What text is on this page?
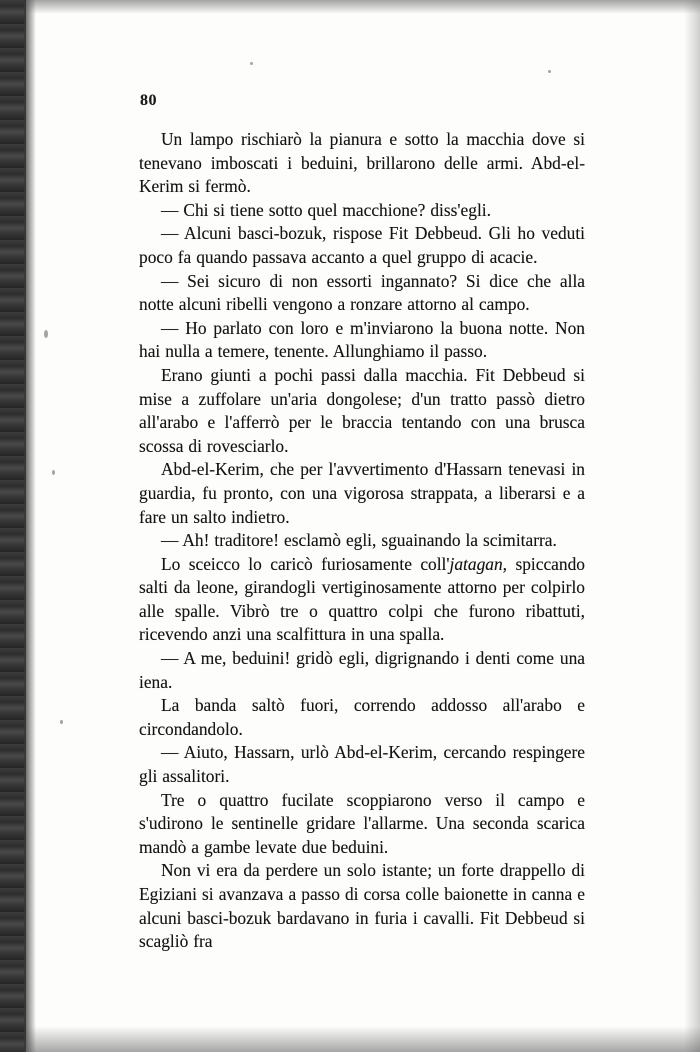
80

Un lampo rischiarò la pianura e sotto la macchia dove si tenevano imboscati i beduini, brillarono delle armi. Abd-el-Kerim si fermò.

— Chi si tiene sotto quel macchione? diss'egli.

— Alcuni basci-bozuk, rispose Fit Debbeud. Gli ho veduti poco fa quando passava accanto a quel gruppo di acacie.

— Sei sicuro di non essorti ingannato? Si dice che alla notte alcuni ribelli vengono a ronzare attorno al campo.

— Ho parlato con loro e m'inviarono la buona notte. Non hai nulla a temere, tenente. Allunghiamo il passo.

Erano giunti a pochi passi dalla macchia. Fit Debbeud si mise a zuffolare un'aria dongolese; d'un tratto passò dietro all'arabo e l'afferrò per le braccia tentando con una brusca scossa di rovesciarlo.

Abd-el-Kerim, che per l'avvertimento d'Hassarn tenevasi in guardia, fu pronto, con una vigorosa strappata, a liberarsi e a fare un salto indietro.

— Ah! traditore! esclamò egli, sguainando la scimitarra.

Lo sceicco lo caricò furiosamente coll'jatagan, spiccando salti da leone, girandogli vertiginosamente attorno per colpirlo alle spalle. Vibrò tre o quattro colpi che furono ribattuti, ricevendo anzi una scalfittura in una spalla.

— A me, beduini! gridò egli, digrignando i denti come una iena.

La banda saltò fuori, correndo addosso all'arabo e circondandolo.

— Aiuto, Hassarn, urlò Abd-el-Kerim, cercando respingere gli assalitori.

Tre o quattro fucilate scoppiarono verso il campo e s'udirono le sentinelle gridare l'allarme. Una seconda scarica mandò a gambe levate due beduini.

Non vi era da perdere un solo istante; un forte drappello di Egiziani si avanzava a passo di corsa colle baionette in canna e alcuni basci-bozuk bardavano in furia i cavalli. Fit Debbeud si scagliò fra
